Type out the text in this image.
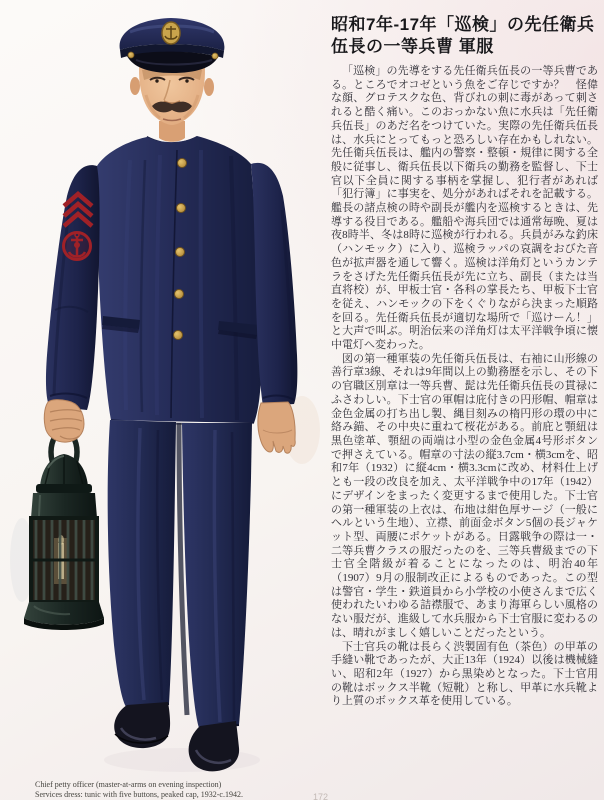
昭和7年-17年「巡検」の先任衛兵伍長の一等兵曹 軍服

「巡検」の先導をする先任衛兵伍長の一等兵曹である。ところでオコゼという魚をご存じですか？　怪偉な顔、グロテスクな色、背びれの刺に毒があって刺されると酷く痛い。このおっかない魚に水兵は「先任衛兵伍長」のあだ名をつけていた。実際の先任衛兵伍長は、水兵にとってもっと恐ろしい存在かもしれない。先任衛兵伍長は、艦内の警察・整頓・規律に関する全般に従事し、衛兵伍長以下衛兵の勤務を監督し、下士官以下全員に関する事柄を掌握し、犯行者があれば「犯行簿」に事実を、処分があればそれを記載する。艦長の諸点検の時や副長が艦内を巡検するときは、先導する役目である。艦船や海兵団では通常毎晩、夏は夜8時半、冬は8時に巡検が行われる。兵員がみな釣床（ハンモック）に入り、巡検ラッパの哀調をおびた音色が拡声器を通して響く。巡検は洋角灯というカンテラをさげた先任衛兵伍長が先に立ち、副長（または当直将校）が、甲板士官・各科の掌長たち、甲板下士官を従え、ハンモックの下をくぐりながら決まった順路を回る。先任衛兵伍長が適切な場所で「巡けーん！」と大声で叫ぶ。明治伝来の洋角灯は太平洋戦争頃に懐中電灯へ変わった。

図の第一種軍装の先任衛兵伍長は、右袖に山形線の善行章3線、それは9年間以上の勤務歴を示し、その下の官職区別章は一等兵曹、髭は先任衛兵伍長の貫禄にふさわしい。下士官の軍帽は庇付きの円形帽、帽章は金色金属の打ち出し製、縄目刻みの楕円形の環の中に絡み錨、その中央に重ねて桜花がある。前庇と顎紐は黒色塗革、顎紐の両端は小型の金色金属4号形ボタンで押さえている。帽章の寸法の縦3.7cm・横3cmを、昭和7年（1932）に縦4cm・横3.3cmに改め、材料仕上げとも一段の改良を加え、太平洋戦争中の17年（1942）にデザインをまったく変更するまで使用した。下士官の第一種軍装の上衣は、布地は紺色厚サージ（一般にヘルという生地）、立襟、前面金ボタン5個の長ジャケット型、両腰にポケットがある。日露戦争の際は一・二等兵曹クラスの服だったのを、三等兵曹級までの下士官全階級が着ることになったのは、明治40年（1907）9月の服制改正によるものであった。この型は警官・学生・鉄道員から小学校の小使さんまで広く使われたいわゆる詰襟服で、あまり海軍らしい風格のない服だが、進級して水兵服から下士官服に変わるのは、晴れがましく嬉しいことだったという。

下士官兵の靴は長らく渋製固有色（茶色）の甲革の手縫い靴であったが、大正13年（1924）以後は機械縫い、昭和2年（1927）から黒染めとなった。下士官用の靴はボックス半靴（短靴）と称し、甲革に水兵靴より上質のボックス革を使用している。

Chief petty officer (master-at-arms on evening inspection)
Services dress: tunic with five buttons, peaked cap, 1932-c.1942.	172
